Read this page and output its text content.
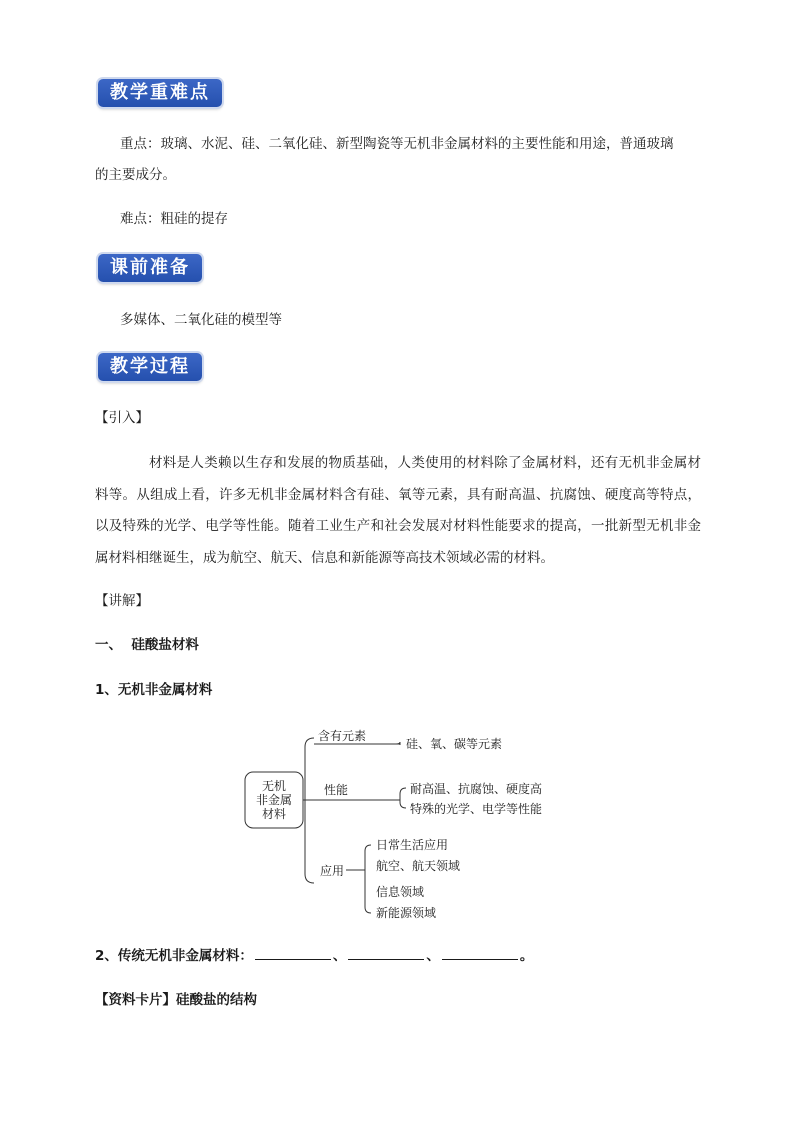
教学重难点
重点：玻璃、水泥、硅、二氧化硅、新型陶瓷等无机非金属材料的主要性能和用途，普通玻璃
的主要成分。
难点：粗硅的提存
课前准备
多媒体、二氧化硅的模型等
教学过程
【引入】
材料是人类赖以生存和发展的物质基础，人类使用的材料除了金属材料，还有无机非金属材料等。从组成上看，许多无机非金属材料含有硅、氧等元素，具有耐高温、抗腐蚀、硬度高等特点，以及特殊的光学、电学等性能。随着工业生产和社会发展对材料性能要求的提高，一批新型无机非金属材料相继诞生，成为航空、航天、信息和新能源等高技术领域必需的材料。
【讲解】
一、  硅酸盐材料
1、无机非金属材料
无机
非金属
材料
含有元素
硅、氧、碳等元素
性能	耐高温、抗腐蚀、硬度高
特殊的光学、电学等性能
应用
日常生活应用
航空、航天领域
信息领域
新能源领域
2、传统无机非金属材料：	、	、	。
【资料卡片】硅酸盐的结构
